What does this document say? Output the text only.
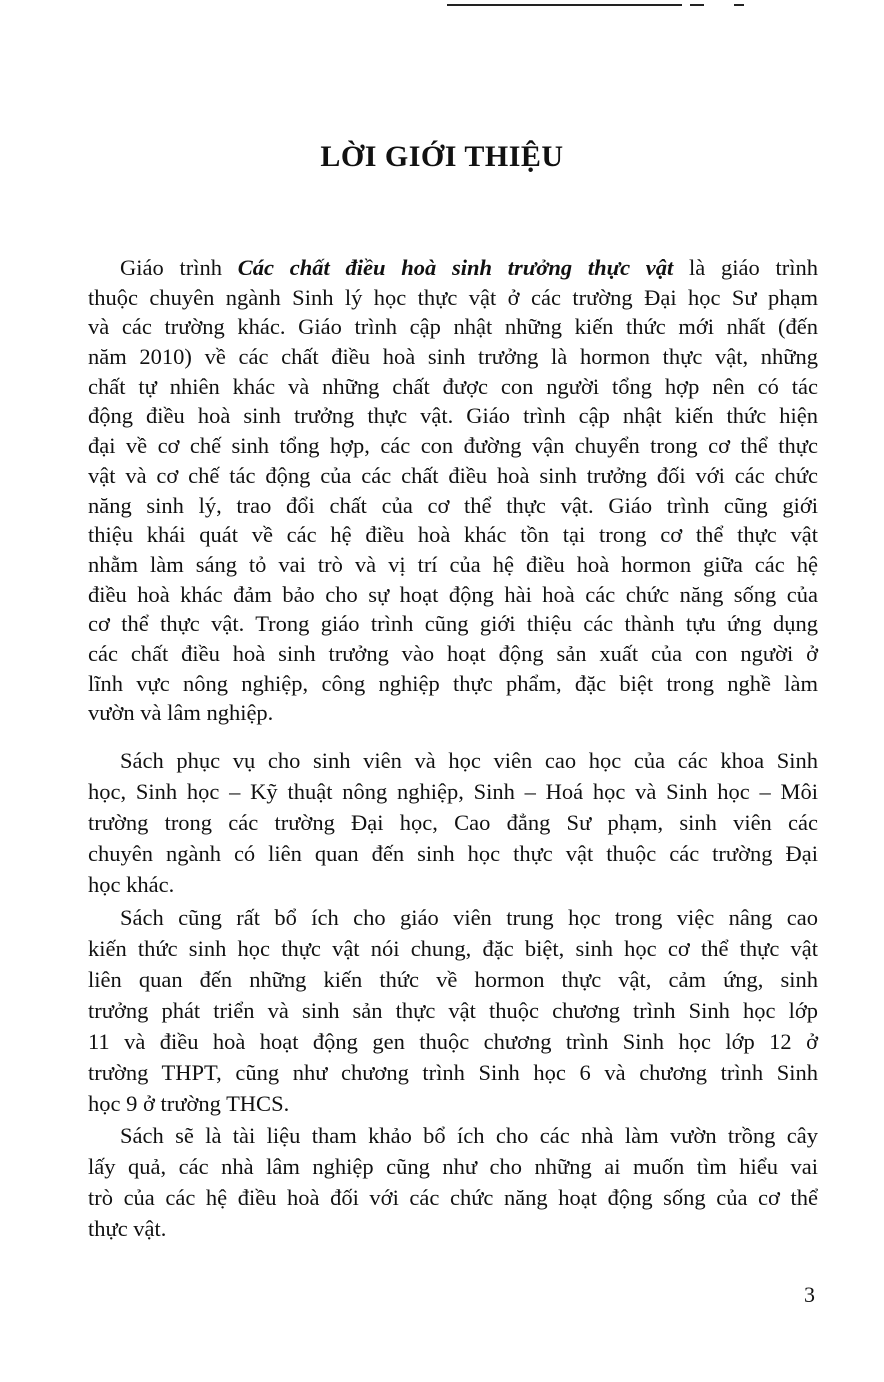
LỜI GIỚI THIỆU
Giáo trình Các chất điều hoà sinh trưởng thực vật là giáo trình
thuộc chuyên ngành Sinh lý học thực vật ở các trường Đại học Sư phạm
và các trường khác. Giáo trình cập nhật những kiến thức mới nhất (đến
năm 2010) về các chất điều hoà sinh trưởng là hormon thực vật, những
chất tự nhiên khác và những chất được con người tổng hợp nên có tác
động điều hoà sinh trưởng thực vật. Giáo trình cập nhật kiến thức hiện
đại về cơ chế sinh tổng hợp, các con đường vận chuyển trong cơ thể thực
vật và cơ chế tác động của các chất điều hoà sinh trưởng đối với các chức
năng sinh lý, trao đổi chất của cơ thể thực vật. Giáo trình cũng giới
thiệu khái quát về các hệ điều hoà khác tồn tại trong cơ thể thực vật
nhằm làm sáng tỏ vai trò và vị trí của hệ điều hoà hormon giữa các hệ
điều hoà khác đảm bảo cho sự hoạt động hài hoà các chức năng sống của
cơ thể thực vật. Trong giáo trình cũng giới thiệu các thành tựu ứng dụng
các chất điều hoà sinh trưởng vào hoạt động sản xuất của con người ở
lĩnh vực nông nghiệp, công nghiệp thực phẩm, đặc biệt trong nghề làm
vườn và lâm nghiệp.
Sách phục vụ cho sinh viên và học viên cao học của các khoa Sinh
học, Sinh học – Kỹ thuật nông nghiệp, Sinh – Hoá học và Sinh học – Môi
trường trong các trường Đại học, Cao đẳng Sư phạm, sinh viên các
chuyên ngành có liên quan đến sinh học thực vật thuộc các trường Đại
học khác.
Sách cũng rất bổ ích cho giáo viên trung học trong việc nâng cao
kiến thức sinh học thực vật nói chung, đặc biệt, sinh học cơ thể thực vật
liên quan đến những kiến thức về hormon thực vật, cảm ứng, sinh
trưởng phát triển và sinh sản thực vật thuộc chương trình Sinh học lớp
11 và điều hoà hoạt động gen thuộc chương trình Sinh học lớp 12 ở
trường THPT, cũng như chương trình Sinh học 6 và chương trình Sinh
học 9 ở trường THCS.
Sách sẽ là tài liệu tham khảo bổ ích cho các nhà làm vườn trồng cây
lấy quả, các nhà lâm nghiệp cũng như cho những ai muốn tìm hiểu vai
trò của các hệ điều hoà đối với các chức năng hoạt động sống của cơ thể
thực vật.
3
